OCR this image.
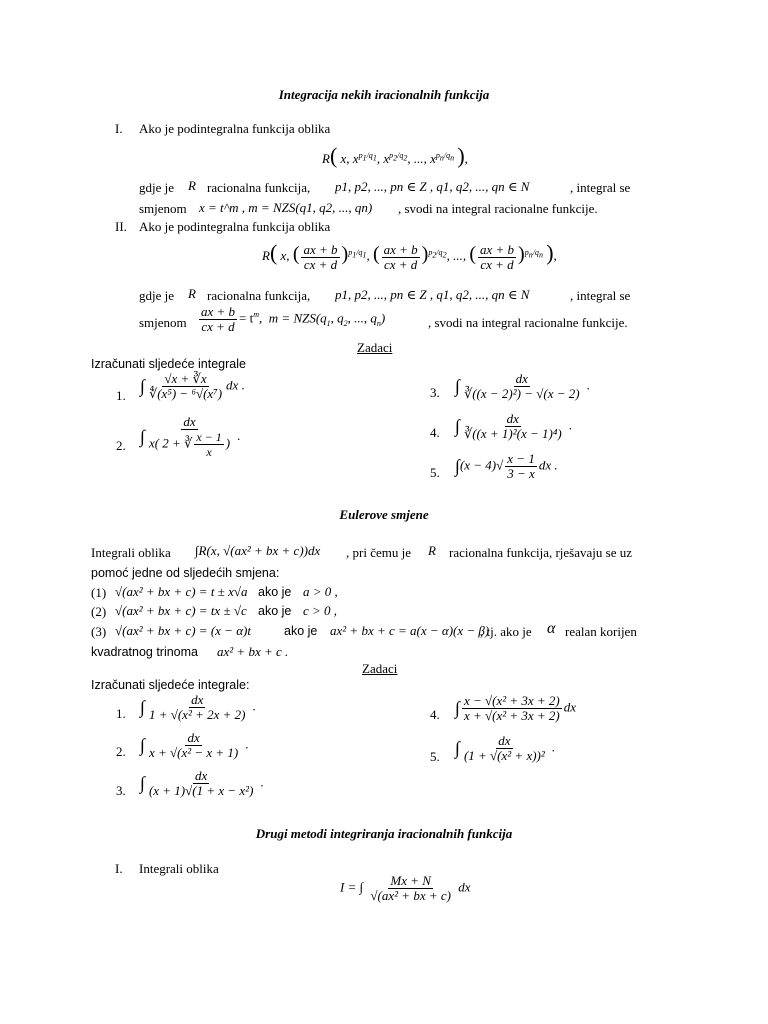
Integracija nekih iracionalnih funkcija
I. Ako je podintegralna funkcija oblika
R( x, $x^{p_1/q_1}$, $x^{p_2/q_2}$, ..., $x^{p_n/q_n}$ ),
gdje je R racionalna funkcija, p1, p2, ..., pn ∈ Z , q1, q2, ..., qn ∈ N	, integral se
smjenom x = t^m , m = NZS(q1, q2, ..., qn) , svodi na integral racionalne funkcije.
II. Ako je podintegralna funkcija oblika
R( x, ( $\frac{ax + b}{cx + d} )^{p_1/q_1}$, ( $\frac{ax + b}{cx + d} )^{p_2/q_2}$, ..., ( $\frac{ax + b}{cx + d} )^{p_n/q_n}$ ),
gdje je R racionalna funkcija, p1, p2, ..., pn ∈ Z , q1, q2, ..., qn ∈ N	, integral se
smjenom $\frac{ax + b}{cx + d} = t^m$,  $m = NZS(q_1$, $q_2$, ..., $q_n$)	, svodi na integral racionalne funkcije.
Zadaci
Izračunati sljedeće integrale
1. ∫ $\frac{√x + ∛x}{\text{∜(x⁵) − ⁶√(x⁷)}}$ dx .
2. ∫ $\frac{dx}{x( 2 + ∛ \frac{x - 1}{x} )}$ .
3. ∫ $\frac{dx}{\text{∛((x − 2)²) − √(x − 2)}}$ .
4. ∫ $\frac{dx}{\text{∛((x + 1)²(x − 1)⁴)}}$ .
5. $\int(x - 4)√ \frac{x - 1}{3 - x}$ dx .
Eulerove smjene
Integrali oblika ∫R(x, √(ax² + bx + c))dx , pri čemu je R racionalna funkcija, rješavaju se uz
pomoć jedne od sljedećih smjena:
(1) √(ax² + bx + c) = t ± x√a ako je a > 0 ,
(2) √(ax² + bx + c) = tx ± √c ako je c > 0 ,
(3) √(ax² + bx + c) = (x − α)t	ako je ax² + bx + c = a(x − α)(x − β)
, tj. ako je α realan korijen
kvadratnog trinoma ax² + bx + c .
Zadaci
Izračunati sljedeće integrale:
1. ∫ $\frac{dx}{\text{1 + √(x² + 2x + 2)}}$ .
2. ∫ $\frac{dx}{\text{x + √(x² − x + 1)}}$ .
3. ∫ $\frac{dx}{\text{(x + 1)√(1 + x − x²)}}$ .
4. ∫ $\frac{\text{x − √(x² + 3x + 2)}}{\text{x + √(x² + 3x + 2)}}$ dx
5. ∫ $\frac{dx}{\text{(1 + √(x² + x))²}}$ .
Drugi metodi integriranja iracionalnih funkcija
I. Integrali oblika
I = ∫ $\frac{Mx + N}{\text{√(ax² + bx + c)}}$ dx
